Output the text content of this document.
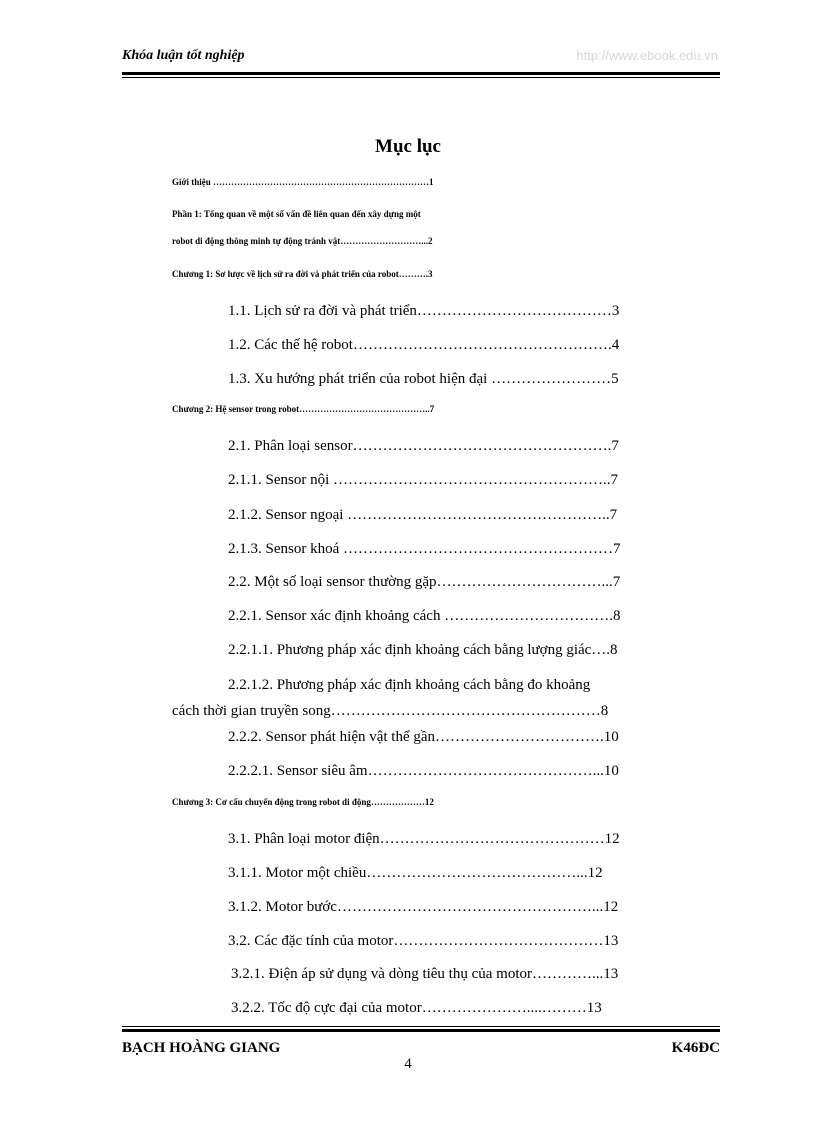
Khóa luận tốt nghiệp	http://www.ebook.edu.vn
Mục lục
Giới thiệu ………………………………………………………………1
Phần 1: Tổng quan về một số vấn đề liên quan đến xây dựng một
robot di động thông minh tự động tránh vật………………………...2
Chương 1: Sơ lược về lịch sử ra đời và phát triển của robot……….3
1.1. Lịch sử ra đời và phát triển…………………………………3
1.2. Các thế hệ robot…………………………………………….4
1.3. Xu hướng phát triển của robot hiện đại ……………………5
Chương 2: Hệ sensor trong robot……………………………………..7
2.1. Phân loại sensor…………………………………………….7
2.1.1. Sensor nội ………………………………………………..7
2.1.2. Sensor ngoại ……………………………………………..7
2.1.3. Sensor khoá ………………………………………………7
2.2. Một số loại sensor thường gặp……………………………...7
2.2.1. Sensor xác định khoảng cách …………………………….8
2.2.1.1. Phương pháp xác định khoảng cách bằng lượng giác….8
2.2.1.2. Phương pháp xác định khoảng cách bằng đo khoảng
cách thời gian truyền song………………………………………………8
2.2.2. Sensor phát hiện vật thể gần…………………………….10
2.2.2.1. Sensor siêu âm………………………………………...10
Chương 3: Cơ cấu chuyển động trong robot di động………………12
3.1. Phân loại motor điện………………………………………12
3.1.1. Motor một chiều……………………………………...12
3.1.2. Motor bước……………………………………………...12
3.2. Các đặc tính của motor……………………………………13
3.2.1. Điện áp sử dụng và dòng tiêu thụ của motor…………...13
3.2.2. Tốc độ cực đại của motor…………………....………13
BẠCH HOÀNG GIANG	K46ĐC
4
